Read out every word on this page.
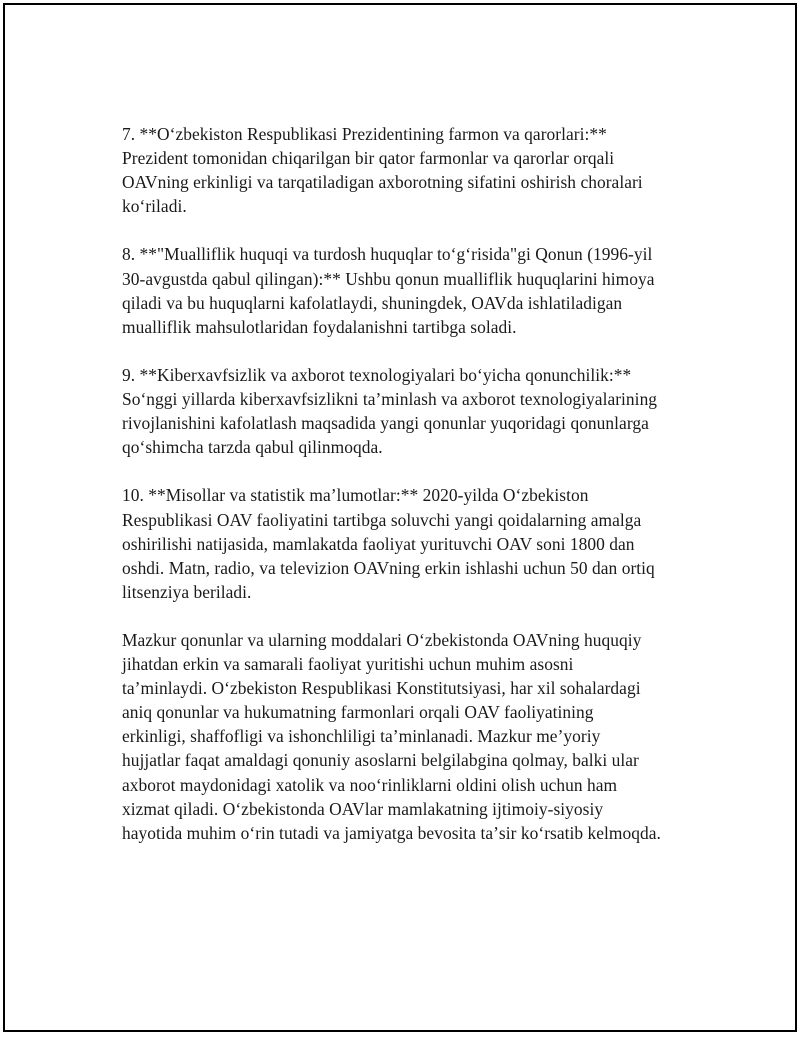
7. **Oʻzbekiston Respublikasi Prezidentining farmon va qarorlari:**
Prezident tomonidan chiqarilgan bir qator farmonlar va qarorlar orqali
OAVning erkinligi va tarqatiladigan axborotning sifatini oshirish choralari
koʻriladi.

8. **"Mualliflik huquqi va turdosh huquqlar toʻgʻrisida"gi Qonun (1996-yil
30-avgustda qabul qilingan):** Ushbu qonun mualliflik huquqlarini himoya
qiladi va bu huquqlarni kafolatlaydi, shuningdek, OAVda ishlatiladigan
mualliflik mahsulotlaridan foydalanishni tartibga soladi.

9. **Kiberxavfsizlik va axborot texnologiyalari boʻyicha qonunchilik:**
Soʻnggi yillarda kiberxavfsizlikni taʼminlash va axborot texnologiyalarining
rivojlanishini kafolatlash maqsadida yangi qonunlar yuqoridagi qonunlarga
qoʻshimcha tarzda qabul qilinmoqda.

10. **Misollar va statistik maʼlumotlar:** 2020-yilda Oʻzbekiston
Respublikasi OAV faoliyatini tartibga soluvchi yangi qoidalarning amalga
oshirilishi natijasida, mamlakatda faoliyat yurituvchi OAV soni 1800 dan
oshdi. Matn, radio, va televizion OAVning erkin ishlashi uchun 50 dan ortiq
litsenziya beriladi.

Mazkur qonunlar va ularning moddalari Oʻzbekistonda OAVning huquqiy
jihatdan erkin va samarali faoliyat yuritishi uchun muhim asosni
taʼminlaydi. Oʻzbekiston Respublikasi Konstitutsiyasi, har xil sohalardagi
aniq qonunlar va hukumatning farmonlari orqali OAV faoliyatining
erkinligi, shaffofligi va ishonchliligi taʼminlanadi. Mazkur meʼyoriy
hujjatlar faqat amaldagi qonuniy asoslarni belgilabgina qolmay, balki ular
axborot maydonidagi xatolik va nooʻrinliklarni oldini olish uchun ham
xizmat qiladi. Oʻzbekistonda OAVlar mamlakatning ijtimoiy-siyosiy
hayotida muhim oʻrin tutadi va jamiyatga bevosita taʼsir koʻrsatib kelmoqda.
